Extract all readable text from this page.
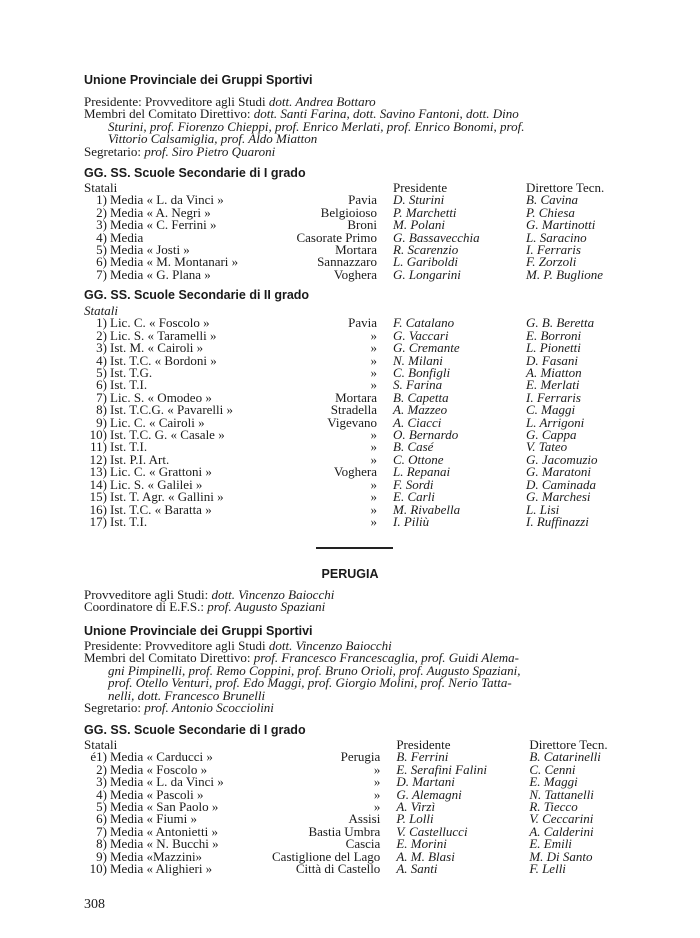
Unione Provinciale dei Gruppi Sportivi
Presidente: Provveditore agli Studi dott. Andrea Bottaro
Membri del Comitato Direttivo: dott. Santi Farina, dott. Savino Fantoni, dott. Dino
Sturini, prof. Fiorenzo Chieppi, prof. Enrico Merlati, prof. Enrico Bonomi, prof.
Vittorio Calsamiglia, prof. Aldo Miatton
Segretario: prof. Siro Pietro Quaroni
GG. SS. Scuole Secondarie di I grado
Statali			Presidente	Direttore Tecn.
1)	Media « L. da Vinci »	Pavia	D. Sturini	B. Cavina
2)	Media « A. Negri »	Belgioioso	P. Marchetti	P. Chiesa
3)	Media « C. Ferrini »	Broni	M. Polani	G. Martinotti
4)	Media	Casorate Primo	G. Bassavecchia	L. Saracino
5)	Media « Josti »	Mortara	R. Scarenzio	I. Ferraris
6)	Media « M. Montanari »	Sannazzaro	L. Gariboldi	F. Zorzoli
7)	Media « G. Plana »	Voghera	G. Longarini	M. P. Buglione
GG. SS. Scuole Secondarie di II grado
Statali				
1)	Lic. C. « Foscolo »	Pavia	F. Catalano	G. B. Beretta
2)	Lic. S. « Taramelli »	»	G. Vaccari	E. Borroni
3)	Ist. M. « Cairoli »	»	G. Cremante	L. Pionetti
4)	Ist. T.C. « Bordoni »	»	N. Milani	D. Fasani
5)	Ist. T.G.	»	C. Bonfigli	A. Miatton
6)	Ist. T.I.	»	S. Farina	E. Merlati
7)	Lic. S. « Omodeo »	Mortara	B. Capetta	I. Ferraris
8)	Ist. T.C.G. « Pavarelli »	Stradella	A. Mazzeo	C. Maggi
9)	Lic. C. « Cairoli »	Vigevano	A. Ciacci	L. Arrigoni
10)	Ist. T.C. G. « Casale »	»	O. Bernardo	G. Cappa
11)	Ist. T.I.	»	B. Casé	V. Tateo
12)	Ist. P.I. Art.	»	C. Ottone	G. Jacomuzio
13)	Lic. C. « Grattoni »	Voghera	L. Repanai	G. Maratoni
14)	Lic. S. « Galilei »	»	F. Sordi	D. Caminada
15)	Ist. T. Agr. « Gallini »	»	E. Carli	G. Marchesi
16)	Ist. T.C. « Baratta »	»	M. Rivabella	L. Lisi
17)	Ist. T.I.	»	I. Piliù	I. Ruffinazzi
PERUGIA
Provveditore agli Studi: dott. Vincenzo Baiocchi
Coordinatore di E.F.S.: prof. Augusto Spaziani
Unione Provinciale dei Gruppi Sportivi
Presidente: Provveditore agli Studi dott. Vincenzo Baiocchi
Membri del Comitato Direttivo: prof. Francesco Francescaglia, prof. Guidi Alema-
gni Pimpinelli, prof. Remo Coppini, prof. Bruno Orioli, prof. Augusto Spaziani,
prof. Otello Venturi, prof. Edo Maggi, prof. Giorgio Molini, prof. Nerio Tatta-
nelli, dott. Francesco Brunelli
Segretario: prof. Antonio Scocciolini
GG. SS. Scuole Secondarie di I grado
Statali			Presidente	Direttore Tecn.
é1)	Media « Carducci »	Perugia	B. Ferrini	B. Catarinelli
2)	Media « Foscolo »	»	E. Serafini Falini	C. Cenni
3)	Media « L. da Vinci »	»	D. Martani	E. Maggi
4)	Media « Pascoli »	»	G. Alemagni	N. Tattanelli
5)	Media « San Paolo »	»	A. Virzì	R. Tiecco
6)	Media « Fiumi »	Assisi	P. Lolli	V. Ceccarini
7)	Media « Antonietti »	Bastia Umbra	V. Castellucci	A. Calderini
8)	Media « N. Bucchi »	Cascia	E. Morini	E. Emili
9)	Media «Mazzini»	Castiglione del Lago	A. M. Blasi	M. Di Santo
10)	Media « Alighieri »	Città di Castello	A. Santi	F. Lelli
308
